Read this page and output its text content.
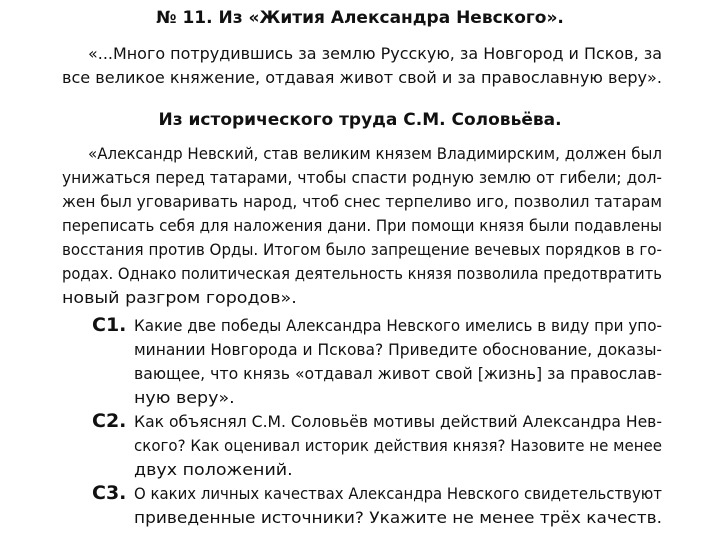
№ 11. Из «Жития Александра Невского».

«...Много потрудившись за землю Русскую, за Новгород и Псков, за

все великое княжение, отдавая живот свой и за православную веру».

Из исторического труда С.М. Соловьёва.

«Александр Невский, став великим князем Владимирским, должен был

унижаться перед татарами, чтобы спасти родную землю от гибели; дол-

жен был уговаривать народ, чтоб снес терпеливо иго, позволил татарам

переписать себя для наложения дани. При помощи князя были подавлены

восстания против Орды. Итогом было запрещение вечевых порядков в го-

родах. Однако политическая деятельность князя позволила предотвратить

новый разгром городов».

С1. Какие две победы Александра Невского имелись в виду при упо-

минании Новгорода и Пскова? Приведите обоснование, доказы-

вающее, что князь «отдавал живот свой [жизнь] за православ-

ную веру».

С2. Как объяснял С.М. Соловьёв мотивы действий Александра Нев-

ского? Как оценивал историк действия князя? Назовите не менее

двух положений.

С3. О каких личных качествах Александра Невского свидетельствуют

приведенные источники? Укажите не менее трёх качеств.
